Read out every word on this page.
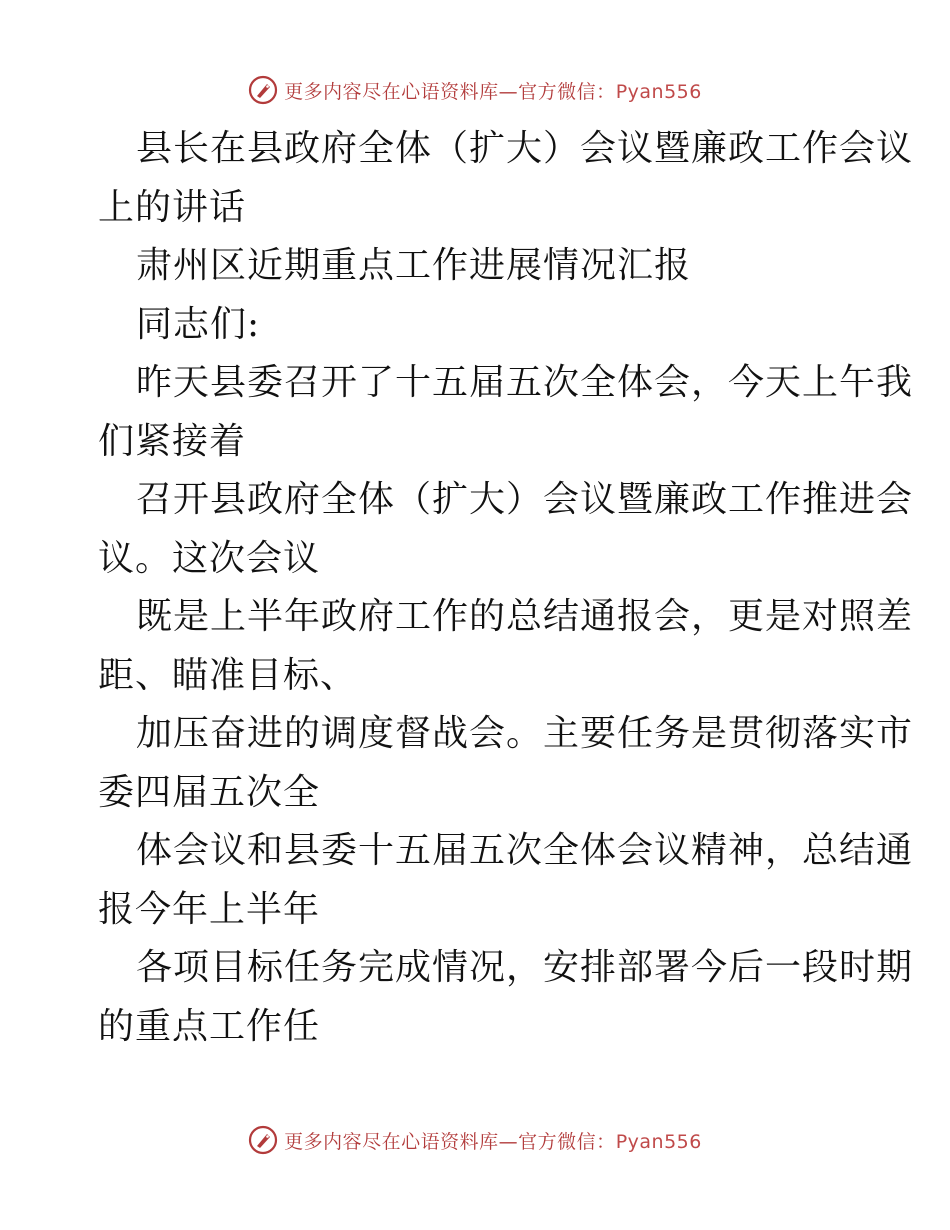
更多内容尽在心语资料库—官方微信：Pyan556
县长在县政府全体（扩大）会议暨廉政工作会议
上的讲话
肃州区近期重点工作进展情况汇报
同志们:
昨天县委召开了十五届五次全体会，今天上午我
们紧接着
召开县政府全体（扩大）会议暨廉政工作推进会
议。这次会议
既是上半年政府工作的总结通报会，更是对照差
距、瞄准目标、
加压奋进的调度督战会。主要任务是贯彻落实市
委四届五次全
体会议和县委十五届五次全体会议精神，总结通
报今年上半年
各项目标任务完成情况，安排部署今后一段时期
的重点工作任
更多内容尽在心语资料库—官方微信：Pyan556
